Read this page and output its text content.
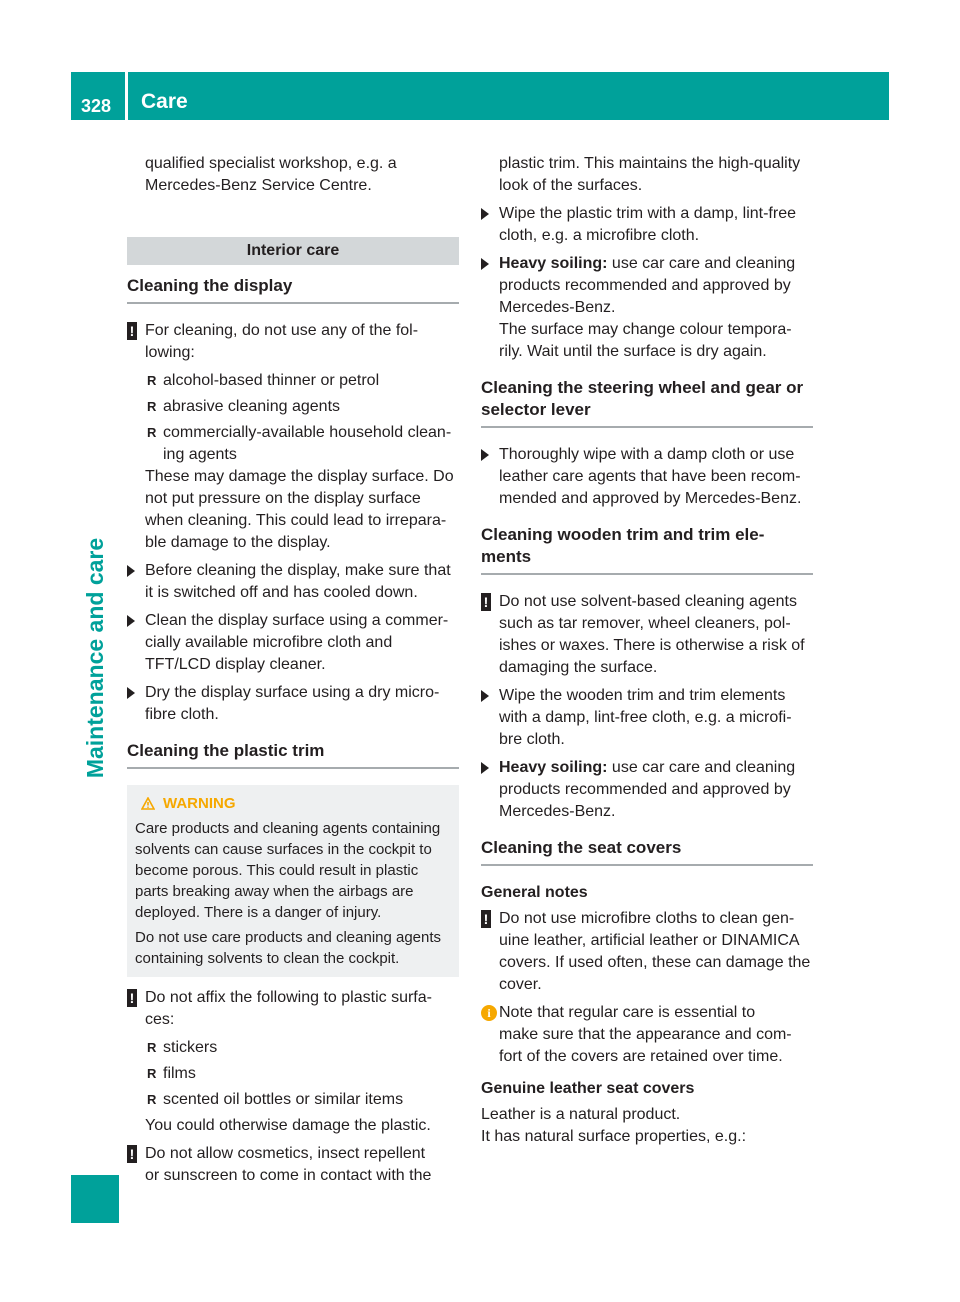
328 Care
Maintenance and care

qualified specialist workshop, e.g. a

Mercedes-Benz Service Centre.

Interior care
Cleaning the display
! For cleaning, do not use any of the fol-

lowing:

R alcohol-based thinner or petrol
R abrasive cleaning agents
R commercially-available household clean-

ing agents

These may damage the display surface. Do

not put pressure on the display surface

when cleaning. This could lead to irrepara-

ble damage to the display.

Before cleaning the display, make sure that

it is switched off and has cooled down.

Clean the display surface using a commer-

cially available microfibre cloth and

TFT/LCD display cleaner.

Dry the display surface using a dry micro-

fibre cloth.

Cleaning the plastic trim
WARNING

Care products and cleaning agents containing

solvents can cause surfaces in the cockpit to

become porous. This could result in plastic

parts breaking away when the airbags are

deployed. There is a danger of injury.

Do not use care products and cleaning agents

containing solvents to clean the cockpit.

! Do not affix the following to plastic surfa-

ces:

R stickers
R films
R scented oil bottles or similar items

You could otherwise damage the plastic.

! Do not allow cosmetics, insect repellent

or sunscreen to come in contact with the

plastic trim. This maintains the high-quality

look of the surfaces.

Wipe the plastic trim with a damp, lint-free

cloth, e.g. a microfibre cloth.

Heavy soiling: use car care and cleaning

products recommended and approved by

Mercedes-Benz.

The surface may change colour tempora-

rily. Wait until the surface is dry again.

Cleaning the steering wheel and gear or

selector lever

Thoroughly wipe with a damp cloth or use

leather care agents that have been recom-

mended and approved by Mercedes-Benz.

Cleaning wooden trim and trim ele-

ments

! Do not use solvent-based cleaning agents

such as tar remover, wheel cleaners, pol-

ishes or waxes. There is otherwise a risk of

damaging the surface.

Wipe the wooden trim and trim elements

with a damp, lint-free cloth, e.g. a microfi-

bre cloth.

Heavy soiling: use car care and cleaning

products recommended and approved by

Mercedes-Benz.

Cleaning the seat covers
General notes
! Do not use microfibre cloths to clean gen-

uine leather, artificial leather or DINAMICA

covers. If used often, these can damage the

cover.

i Note that regular care is essential to

make sure that the appearance and com-

fort of the covers are retained over time.

Genuine leather seat covers

Leather is a natural product.

It has natural surface properties, e.g.:
